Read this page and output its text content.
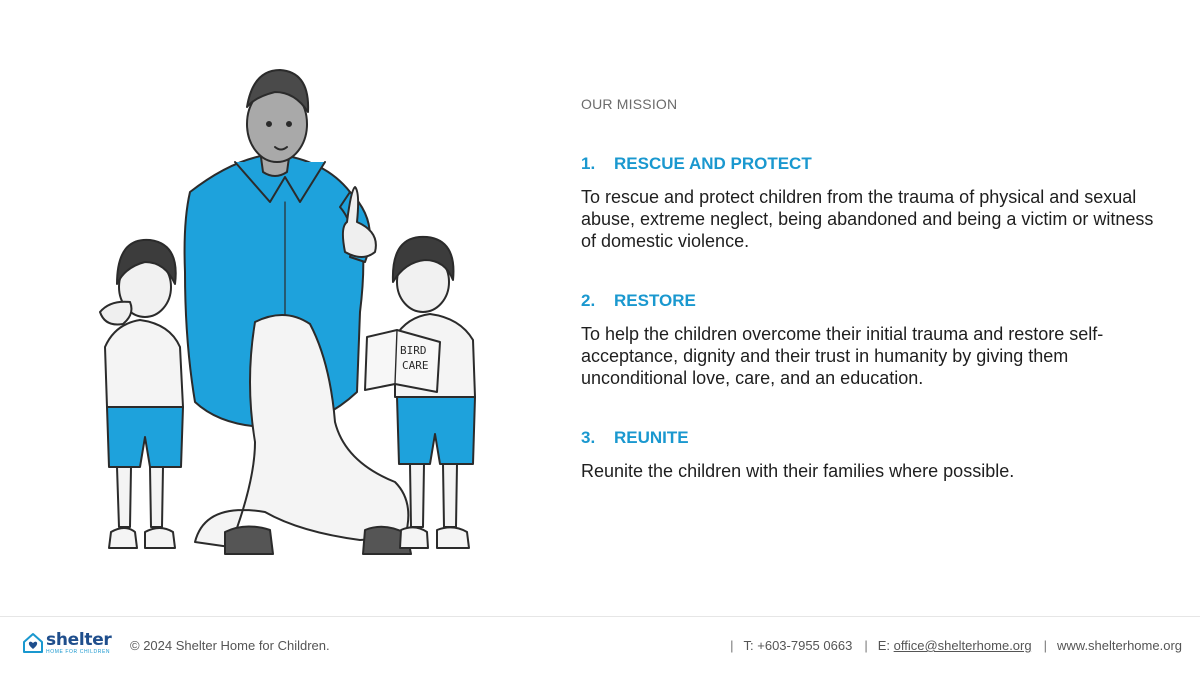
BIRD
CARE
OUR MISSION
1.	RESCUE AND PROTECT

To rescue and protect children from the trauma of physical and sexual abuse, extreme neglect, being abandoned and being a victim or witness of domestic violence.

2.	RESTORE

To help the children overcome their initial trauma and restore self-acceptance, dignity and their trust in humanity by giving them unconditional love, care, and an education.

3.	REUNITE

Reunite the children with their families where possible.

shelter
HOME FOR CHILDREN © 2024 Shelter Home for Children.	| T: +603-7955 0663 | E: office@shelterhome.org | www.shelterhome.org
